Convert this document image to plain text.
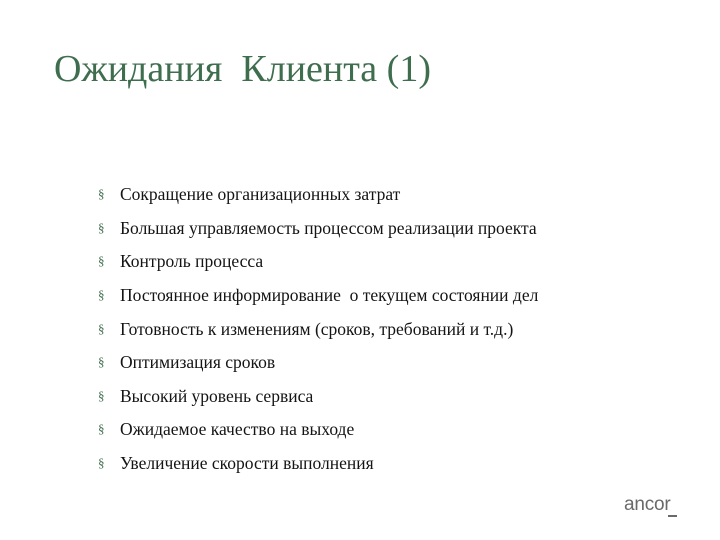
Ожидания  Клиента (1)
§ Сокращение организационных затрат
§ Большая управляемость процессом реализации проекта
§ Контроль процесса
§ Постоянное информирование  о текущем состоянии дел
§ Готовность к изменениям (сроков, требований и т.д.)
§ Оптимизация сроков
§ Высокий уровень сервиса
§ Ожидаемое качество на выходе
§ Увеличение скорости выполнения
ancor
